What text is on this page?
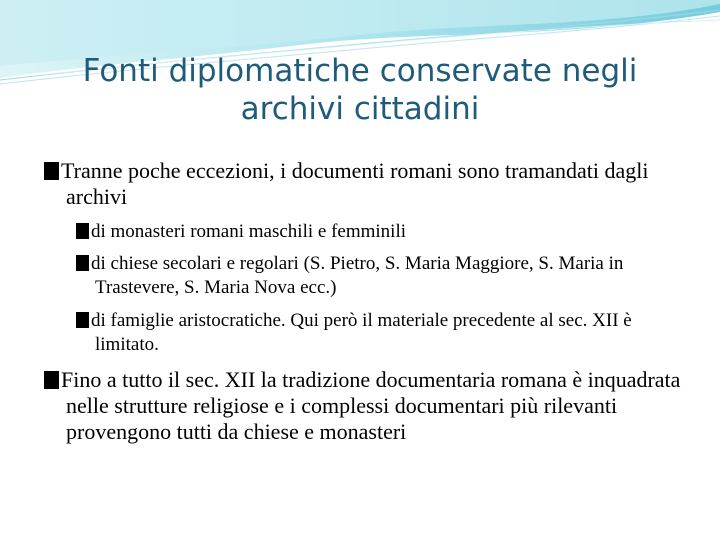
Fonti diplomatiche conservate negli archivi cittadini
Tranne poche eccezioni, i documenti romani sono tramandati dagli archivi
di monasteri romani maschili e femminili
di chiese secolari e regolari (S. Pietro, S. Maria Maggiore, S. Maria in Trastevere, S. Maria Nova ecc.)
di famiglie aristocratiche. Qui però il materiale precedente al sec. XII è limitato.
Fino a tutto il sec. XII la tradizione documentaria romana è inquadrata nelle strutture religiose e i complessi documentari più rilevanti provengono tutti da chiese e monasteri
